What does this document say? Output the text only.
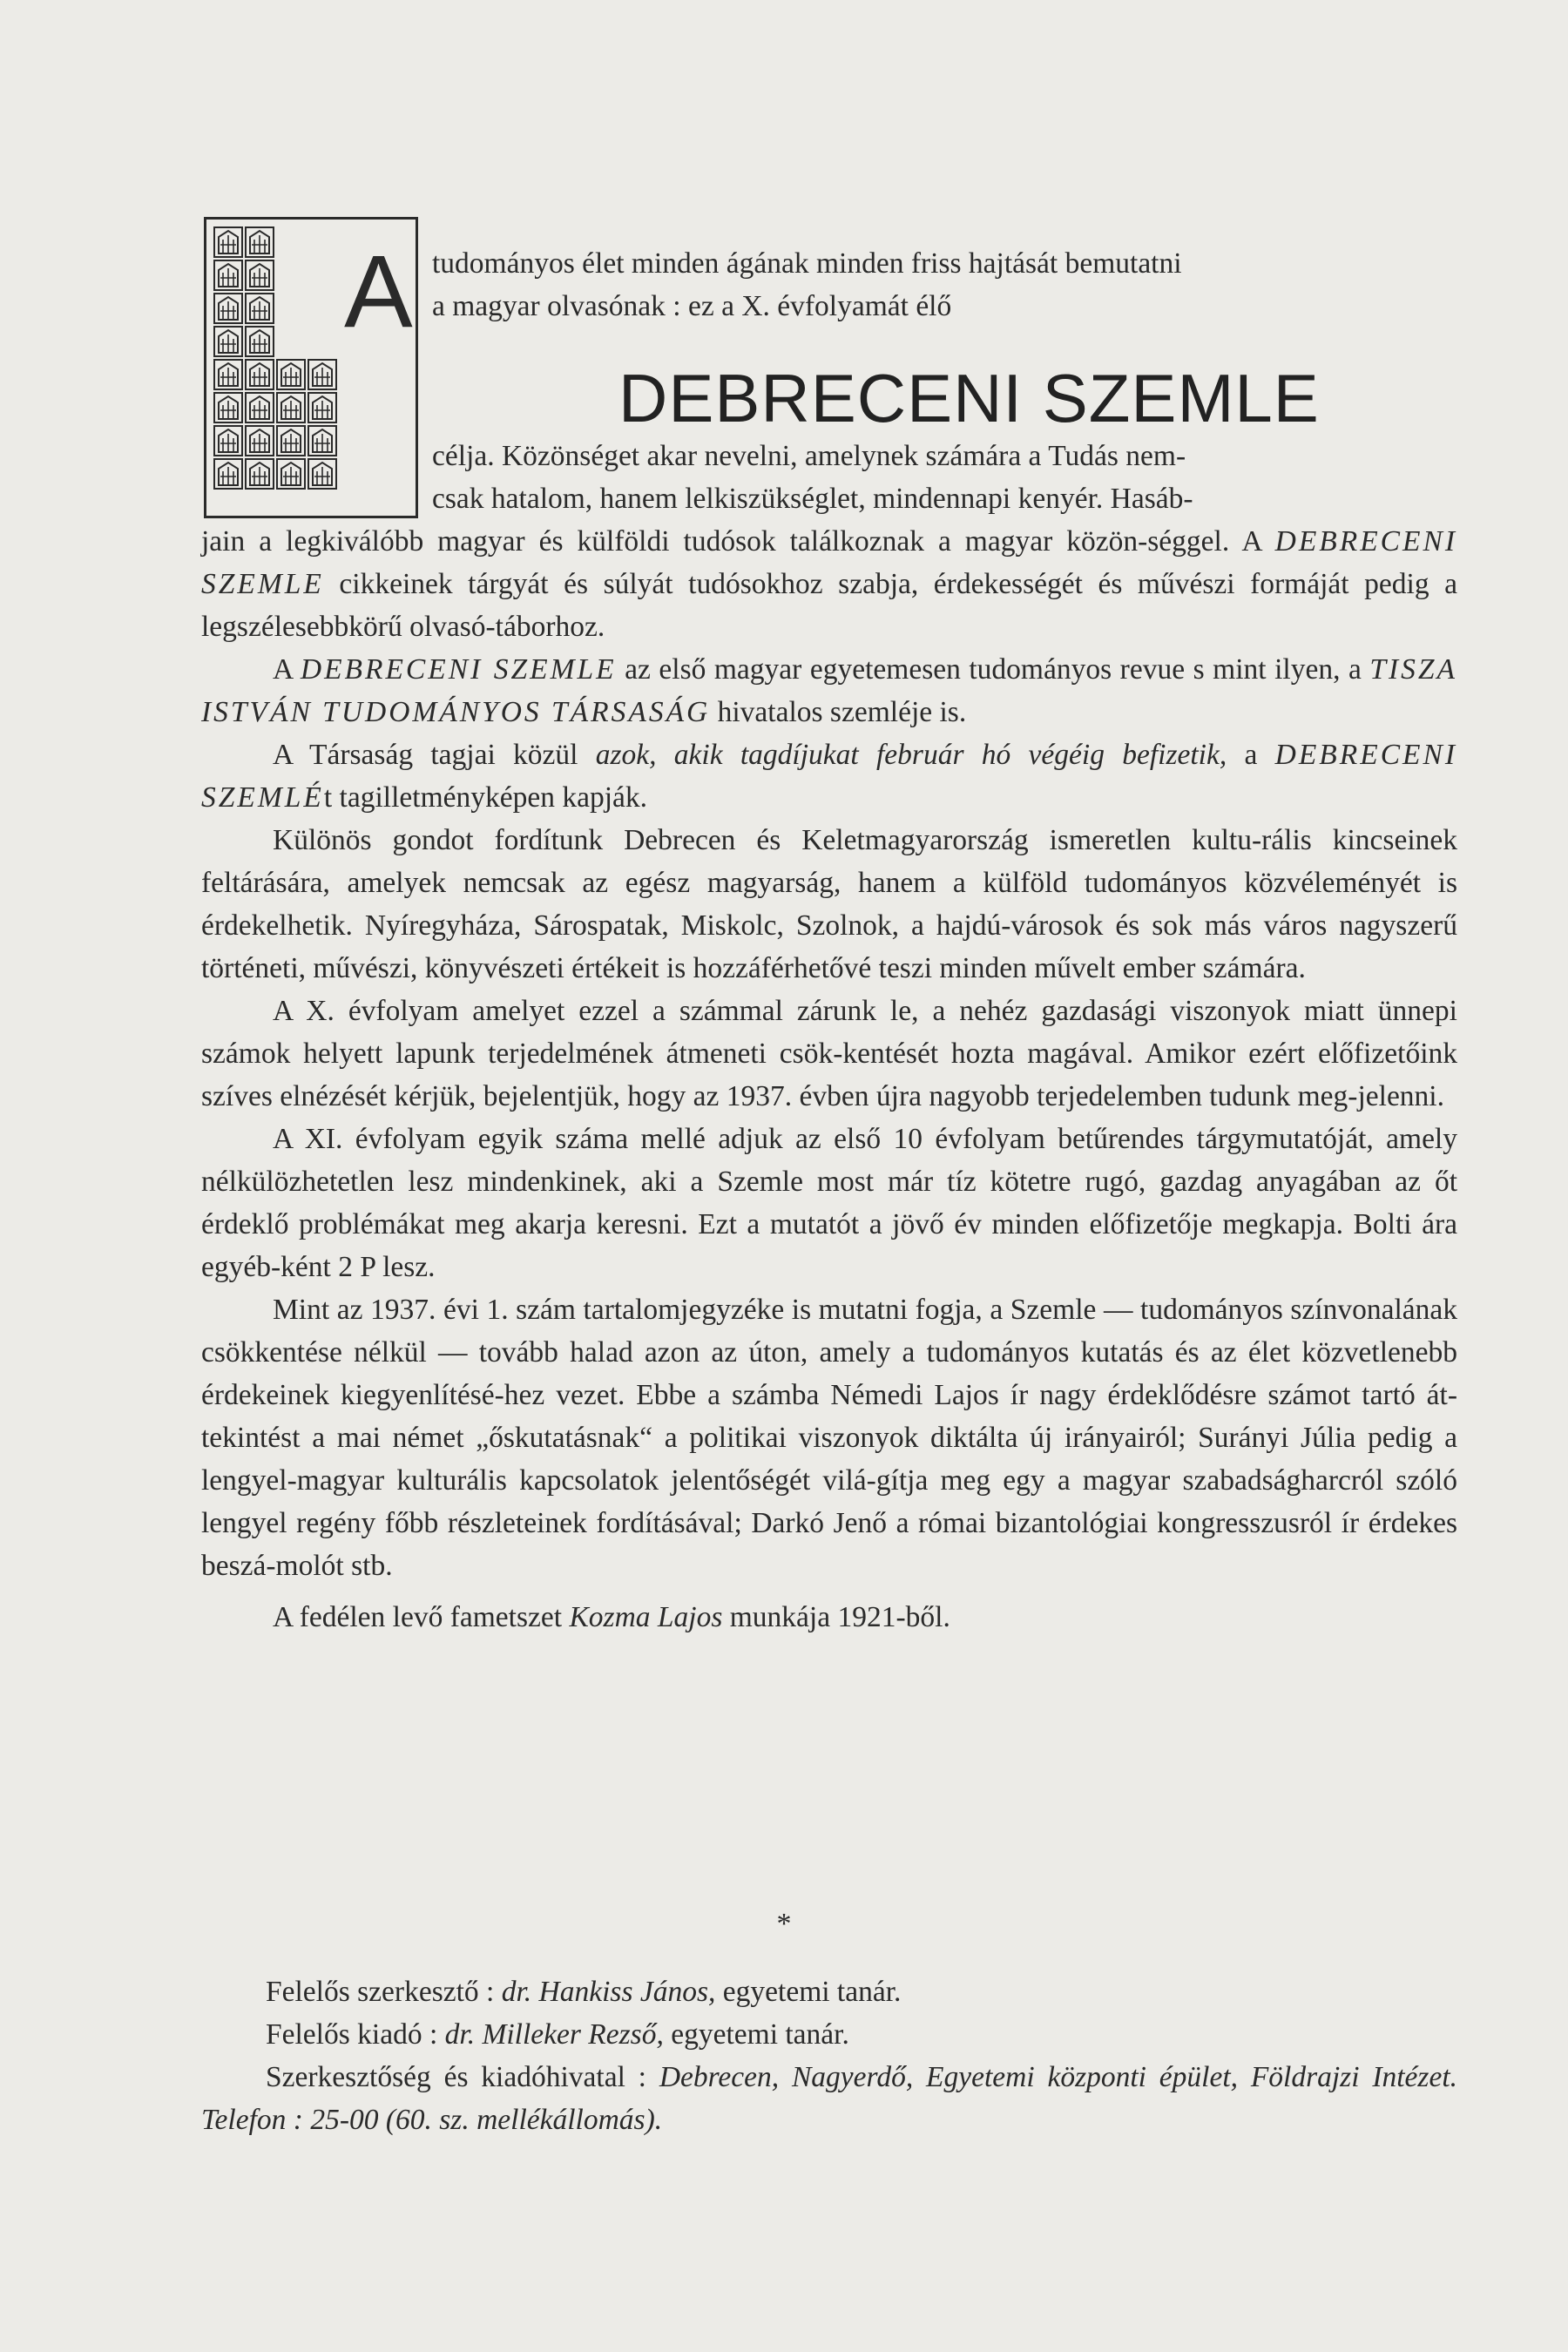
A tudományos élet minden ágának minden friss hajtását bemutatni

a magyar olvasónak : ez a X. évfolyamát élő

DEBRECENI SZEMLE

célja. Közönséget akar nevelni, amelynek számára a Tudás nem-

csak hatalom, hanem lelkiszükséglet, mindennapi kenyér. Hasáb-

jain a legkiválóbb magyar és külföldi tudósok találkoznak a magyar közön-séggel. A DEBRECENI SZEMLE cikkeinek tárgyát és súlyát tudósokhoz szabja, érdekességét és művészi formáját pedig a legszélesebbkörű olvasó-táborhoz.

A DEBRECENI SZEMLE az első magyar egyetemesen tudományos revue s mint ilyen, a TISZA ISTVÁN TUDOMÁNYOS TÁRSASÁG hivatalos szemléje is.

A Társaság tagjai közül azok, akik tagdíjukat február hó végéig befizetik, a DEBRECENI SZEMLÉt tagilletményképen kapják.

Különös gondot fordítunk Debrecen és Keletmagyarország ismeretlen kultu-rális kincseinek feltárására, amelyek nemcsak az egész magyarság, hanem a külföld tudományos közvéleményét is érdekelhetik. Nyíregyháza, Sárospatak, Miskolc, Szolnok, a hajdú-városok és sok más város nagyszerű történeti, művészi, könyvészeti értékeit is hozzáférhetővé teszi minden művelt ember számára.

A X. évfolyam amelyet ezzel a számmal zárunk le, a nehéz gazdasági viszonyok miatt ünnepi számok helyett lapunk terjedelmének átmeneti csök-kentését hozta magával. Amikor ezért előfizetőink szíves elnézését kérjük, bejelentjük, hogy az 1937. évben újra nagyobb terjedelemben tudunk meg-jelenni.

A XI. évfolyam egyik száma mellé adjuk az első 10 évfolyam betűrendes tárgymutatóját, amely nélkülözhetetlen lesz mindenkinek, aki a Szemle most már tíz kötetre rugó, gazdag anyagában az őt érdeklő problémákat meg akarja keresni. Ezt a mutatót a jövő év minden előfizetője megkapja. Bolti ára egyéb-ként 2 P lesz.

Mint az 1937. évi 1. szám tartalomjegyzéke is mutatni fogja, a Szemle — tudományos színvonalának csökkentése nélkül — tovább halad azon az úton, amely a tudományos kutatás és az élet közvetlenebb érdekeinek kiegyenlítésé-hez vezet. Ebbe a számba Némedi Lajos ír nagy érdeklődésre számot tartó át-tekintést a mai német „őskutatásnak“ a politikai viszonyok diktálta új irányairól; Surányi Júlia pedig a lengyel-magyar kulturális kapcsolatok jelentőségét vilá-gítja meg egy a magyar szabadságharcról szóló lengyel regény főbb részleteinek fordításával; Darkó Jenő a római bizantológiai kongresszusról ír érdekes beszá-molót stb.

A fedélen levő fametszet Kozma Lajos munkája 1921-ből.

*

Felelős szerkesztő : dr. Hankiss János, egyetemi tanár.

Felelős kiadó : dr. Milleker Rezső, egyetemi tanár.

Szerkesztőség és kiadóhivatal : Debrecen, Nagyerdő, Egyetemi központi épület, Földrajzi Intézet. Telefon : 25-00 (60. sz. mellékállomás).
